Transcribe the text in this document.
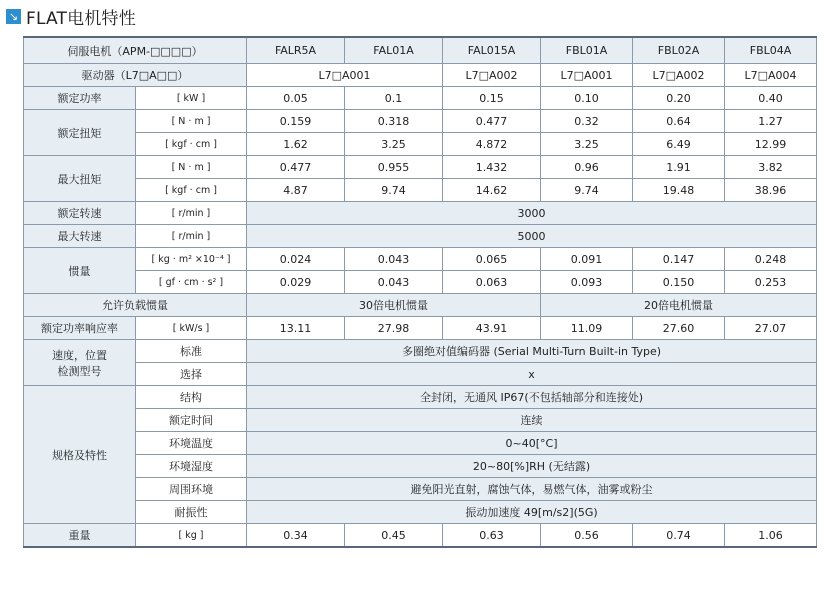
↘ FLAT电机特性
伺服电机（APM-□□□□）		FALR5A	FAL01A	FAL015A	FBL01A	FBL02A	FBL04A
驱动器（L7□A□□）		L7□A001		L7□A002	L7□A001	L7□A002	L7□A004
额定功率	[ kW ]	0.05	0.1	0.15	0.10	0.20	0.40
额定扭矩	[ N · m ]	0.159	0.318	0.477	0.32	0.64	1.27
	[ kgf · cm ]	1.62	3.25	4.872	3.25	6.49	12.99
最大扭矩	[ N · m ]	0.477	0.955	1.432	0.96	1.91	3.82
	[ kgf · cm ]	4.87	9.74	14.62	9.74	19.48	38.96
额定转速	[ r/min ]	3000					
最大转速	[ r/min ]	5000					
惯量	[ kg · m² ×10⁻⁴ ]	0.024	0.043	0.065	0.091	0.147	0.248
	[ gf · cm · s² ]	0.029	0.043	0.063	0.093	0.150	0.253
允许负载惯量		30倍电机惯量			20倍电机惯量		
额定功率响应率	[ kW/s ]	13.11	27.98	43.91	11.09	27.60	27.07

速度，位置
检测型号	标准	多圈绝对值编码器 (Serial Multi-Turn Built-in Type)					
	选择	x					
规格及特性	结构	全封闭，无通风 IP67(不包括轴部分和连接处)					
	额定时间	连续					
	环境温度	0~40[°C]					
	环境湿度	20~80[%]RH (无结露)					
	周围环境	避免阳光直射，腐蚀气体，易燃气体，油雾或粉尘					
	耐振性	振动加速度 49[m/s2](5G)					
重量	[ kg ]	0.34	0.45	0.63	0.56	0.74	1.06
